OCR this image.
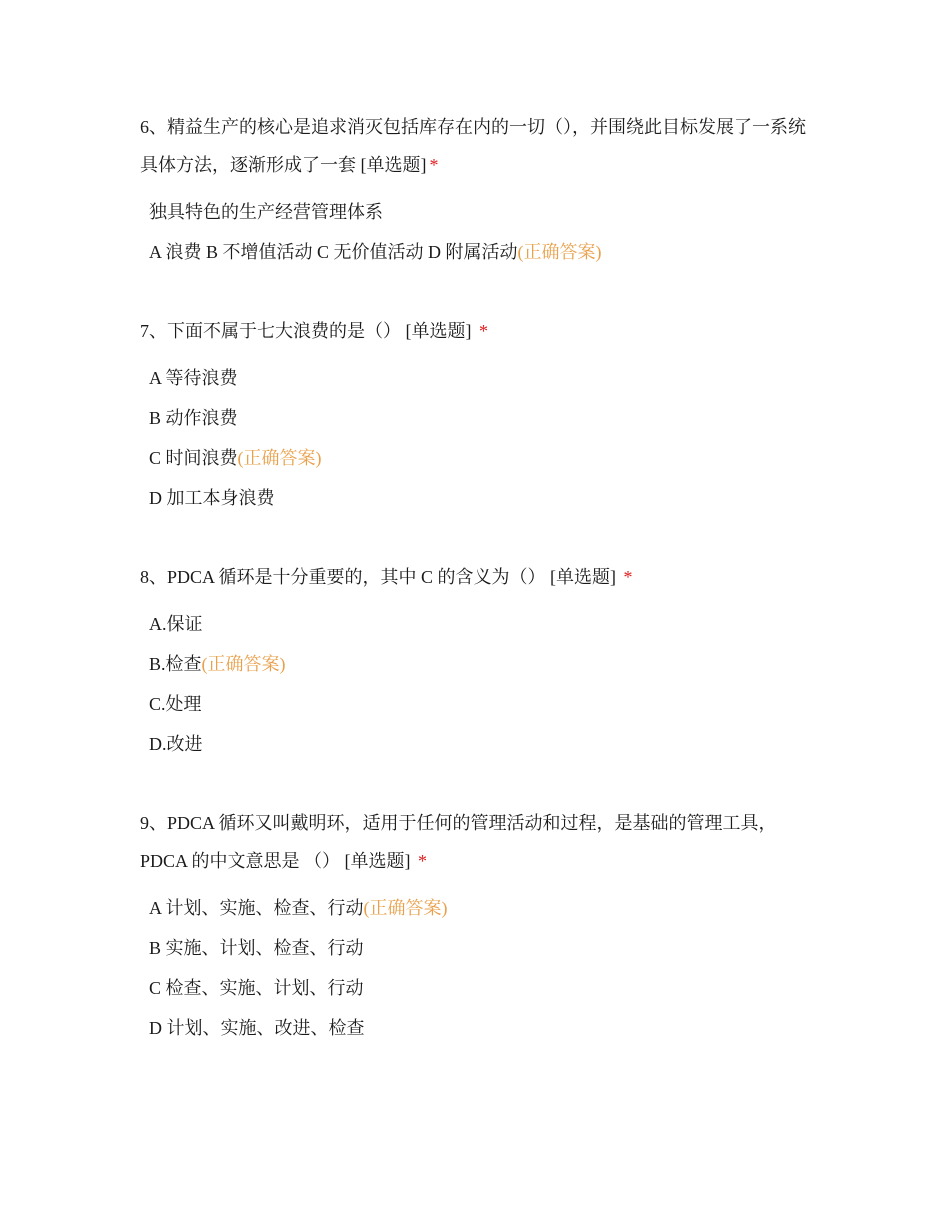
6、精益生产的核心是追求消灭包括库存在内的一切（），并围绕此目标发展了一系统具体方法，逐渐形成了一套 [单选题] *

独具特色的生产经营管理体系
A 浪费 B 不增值活动 C 无价值活动 D 附属活动(正确答案)

7、下面不属于七大浪费的是（） [单选题] *

A 等待浪费
B 动作浪费
C 时间浪费(正确答案)
D 加工本身浪费

8、PDCA 循环是十分重要的，其中 C 的含义为（） [单选题] *

A.保证
B.检查(正确答案)
C.处理
D.改进

9、PDCA 循环又叫戴明环，适用于任何的管理活动和过程，是基础的管理工具，PDCA 的中文意思是 （） [单选题] *

A 计划、实施、检查、行动(正确答案)
B 实施、计划、检查、行动
C 检查、实施、计划、行动
D 计划、实施、改进、检查
